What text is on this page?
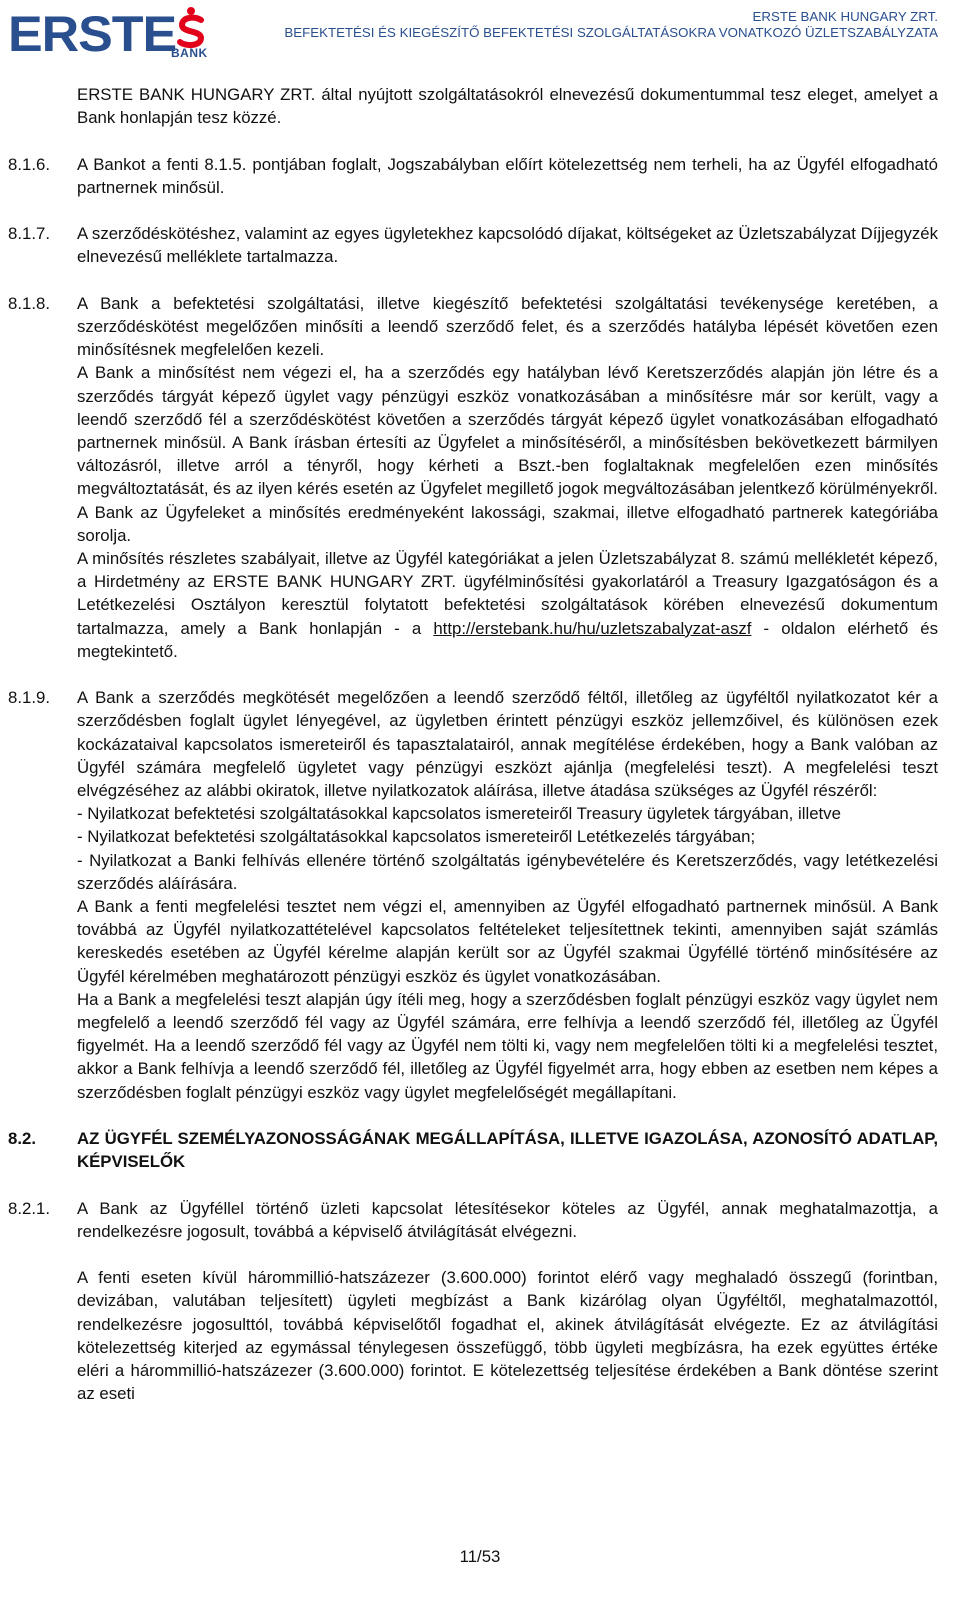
ERSTE
BANK
ERSTE BANK HUNGARY ZRT.
BEFEKTETÉSI ÉS KIEGÉSZÍTŐ BEFEKTETÉSI SZOLGÁLTATÁSOKRA VONATKOZÓ ÜZLETSZABÁLYZATA
ERSTE BANK HUNGARY ZRT. által nyújtott szolgáltatásokról elnevezésű dokumentummal tesz eleget, amelyet a Bank honlapján tesz közzé.
8.1.6.	A Bankot a fenti 8.1.5. pontjában foglalt, Jogszabályban előírt kötelezettség nem terheli, ha az Ügyfél elfogadható partnernek minősül.
8.1.7.	A szerződéskötéshez, valamint az egyes ügyletekhez kapcsolódó díjakat, költségeket az Üzletszabályzat Díjjegyzék elnevezésű melléklete tartalmazza.
8.1.8.	A Bank a befektetési szolgáltatási, illetve kiegészítő befektetési szolgáltatási tevékenysége keretében, a szerződéskötést megelőzően minősíti a leendő szerződő felet, és a szerződés hatályba lépését követően ezen minősítésnek megfelelően kezeli.

A Bank a minősítést nem végezi el, ha a szerződés egy hatályban lévő Keretszerződés alapján jön létre és a szerződés tárgyát képező ügylet vagy pénzügyi eszköz vonatkozásában a minősítésre már sor került, vagy a leendő szerződő fél a szerződéskötést követően a szerződés tárgyát képező ügylet vonatkozásában elfogadható partnernek minősül. A Bank írásban értesíti az Ügyfelet a minősítéséről, a minősítésben bekövetkezett bármilyen változásról, illetve arról a tényről, hogy kérheti a Bszt.-ben foglaltaknak megfelelően ezen minősítés megváltoztatását, és az ilyen kérés esetén az Ügyfelet megillető jogok megváltozásában jelentkező körülményekről.

A Bank az Ügyfeleket a minősítés eredményeként lakossági, szakmai, illetve elfogadható partnerek kategóriába sorolja.

A minősítés részletes szabályait, illetve az Ügyfél kategóriákat a jelen Üzletszabályzat 8. számú mellékletét képező, a Hirdetmény az ERSTE BANK HUNGARY ZRT. ügyfélminősítési gyakorlatáról a Treasury Igazgatóságon és a Letétkezelési Osztályon keresztül folytatott befektetési szolgáltatások körében elnevezésű dokumentum tartalmazza, amely a Bank honlapján - a http://erstebank.hu/hu/uzletszabalyzat-aszf - oldalon elérhető és megtekintető.

8.1.9.	A Bank a szerződés megkötését megelőzően a leendő szerződő féltől, illetőleg az ügyféltől nyilatkozatot kér a szerződésben foglalt ügylet lényegével, az ügyletben érintett pénzügyi eszköz jellemzőivel, és különösen ezek kockázataival kapcsolatos ismereteiről és tapasztalatairól, annak megítélése érdekében, hogy a Bank valóban az Ügyfél számára megfelelő ügyletet vagy pénzügyi eszközt ajánlja (megfelelési teszt). A megfelelési teszt elvégzéséhez az alábbi okiratok, illetve nyilatkozatok aláírása, illetve átadása szükséges az Ügyfél részéről:

- Nyilatkozat befektetési szolgáltatásokkal kapcsolatos ismereteiről Treasury ügyletek tárgyában, illetve

- Nyilatkozat befektetési szolgáltatásokkal kapcsolatos ismereteiről Letétkezelés tárgyában;

- Nyilatkozat a Banki felhívás ellenére történő szolgáltatás igénybevételére és Keretszerződés, vagy letétkezelési szerződés aláírására.

A Bank a fenti megfelelési tesztet nem végzi el, amennyiben az Ügyfél elfogadható partnernek minősül. A Bank továbbá az Ügyfél nyilatkozattételével kapcsolatos feltételeket teljesítettnek tekinti, amennyiben saját számlás kereskedés esetében az Ügyfél kérelme alapján került sor az Ügyfél szakmai Ügyféllé történő minősítésére az Ügyfél kérelmében meghatározott pénzügyi eszköz és ügylet vonatkozásában.

Ha a Bank a megfelelési teszt alapján úgy ítéli meg, hogy a szerződésben foglalt pénzügyi eszköz vagy ügylet nem megfelelő a leendő szerződő fél vagy az Ügyfél számára, erre felhívja a leendő szerződő fél, illetőleg az Ügyfél figyelmét. Ha a leendő szerződő fél vagy az Ügyfél nem tölti ki, vagy nem megfelelően tölti ki a megfelelési tesztet, akkor a Bank felhívja a leendő szerződő fél, illetőleg az Ügyfél figyelmét arra, hogy ebben az esetben nem képes a szerződésben foglalt pénzügyi eszköz vagy ügylet megfelelőségét megállapítani.

8.2.	AZ ÜGYFÉL SZEMÉLYAZONOSSÁGÁNAK MEGÁLLAPÍTÁSA, ILLETVE IGAZOLÁSA, AZONOSÍTÓ ADATLAP, KÉPVISELŐK
8.2.1.	A Bank az Ügyféllel történő üzleti kapcsolat létesítésekor köteles az Ügyfél, annak meghatalmazottja, a rendelkezésre jogosult, továbbá a képviselő átvilágítását elvégezni.
A fenti eseten kívül hárommillió-hatszázezer (3.600.000) forintot elérő vagy meghaladó összegű (forintban, devizában, valutában teljesített) ügyleti megbízást a Bank kizárólag olyan Ügyféltől, meghatalmazottól, rendelkezésre jogosulttól, továbbá képviselőtől fogadhat el, akinek átvilágítását elvégezte. Ez az átvilágítási kötelezettség kiterjed az egymással ténylegesen összefüggő, több ügyleti megbízásra, ha ezek együttes értéke eléri a hárommillió-hatszázezer (3.600.000) forintot. E kötelezettség teljesítése érdekében a Bank döntése szerint az eseti
11/53
